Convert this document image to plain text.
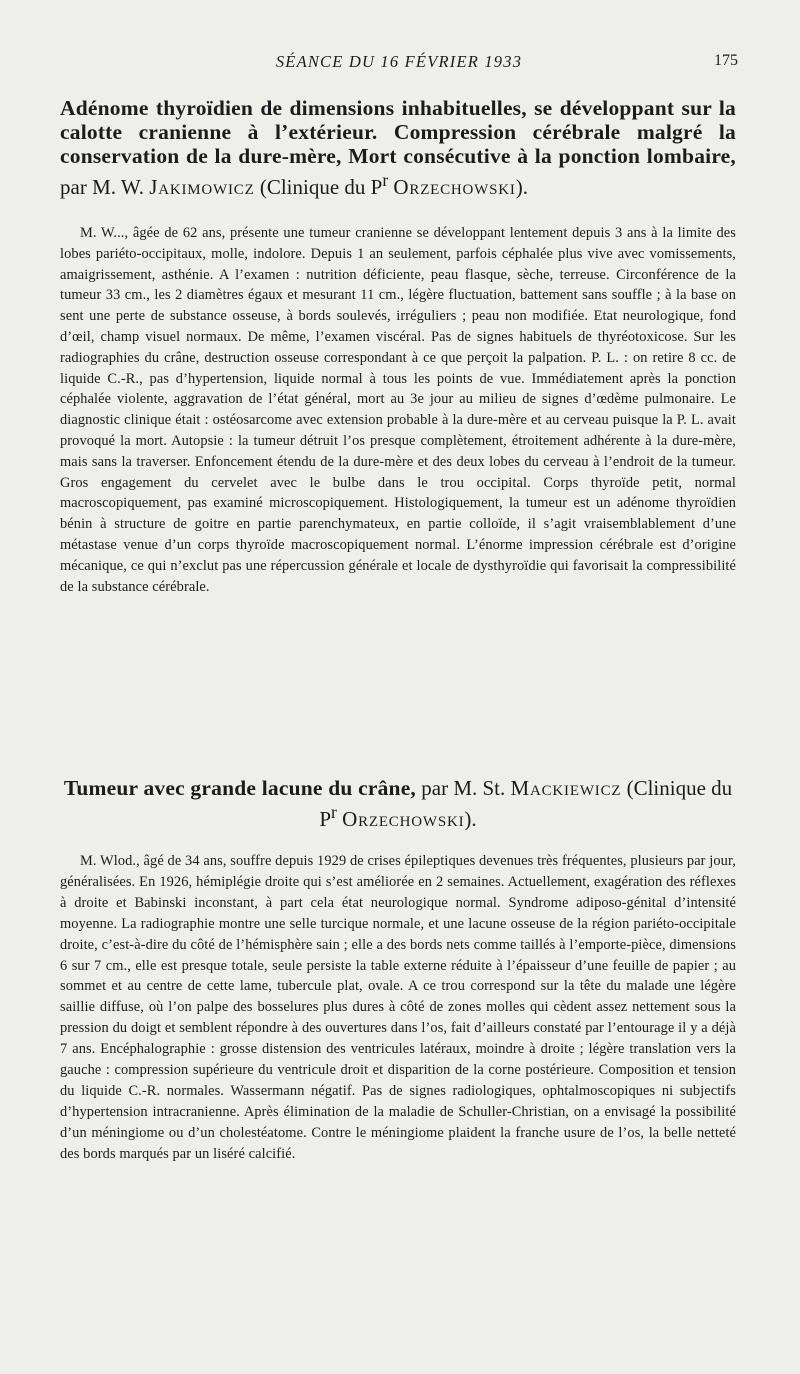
SÉANCE DU 16 FÉVRIER 1933	175

Adénome thyroïdien de dimensions inhabituelles, se développant sur la calotte cranienne à l’extérieur. Compression cérébrale malgré la conservation de la dure-mère, Mort consécutive à la ponction lombaire, par M. W. Jakimowicz (Clinique du $P^r$ Orzechowski).

M. W..., âgée de 62 ans, présente une tumeur cranienne se développant lentement depuis 3 ans à la limite des lobes pariéto-occipitaux, molle, indolore. Depuis 1 an seulement, parfois céphalée plus vive avec vomissements, amaigrissement, asthénie. A l’examen : nutrition déficiente, peau flasque, sèche, terreuse. Circonférence de la tumeur 33 cm., les 2 diamètres égaux et mesurant 11 cm., légère fluctuation, battement sans souffle ; à la base on sent une perte de substance osseuse, à bords soulevés, irréguliers ; peau non modifiée. Etat neurologique, fond d’œil, champ visuel normaux. De même, l’examen viscéral. Pas de signes habituels de thyréotoxicose. Sur les radiographies du crâne, destruction osseuse correspondant à ce que perçoit la palpation. P. L. : on retire 8 cc. de liquide C.-R., pas d’hypertension, liquide normal à tous les points de vue. Immédiatement après la ponction céphalée violente, aggravation de l’état général, mort au 3e jour au milieu de signes d’œdème pulmonaire. Le diagnostic clinique était : ostéosarcome avec extension probable à la dure-mère et au cerveau puisque la P. L. avait provoqué la mort. Autopsie : la tumeur détruit l’os presque complètement, étroitement adhérente à la dure-mère, mais sans la traverser. Enfoncement étendu de la dure-mère et des deux lobes du cerveau à l’endroit de la tumeur. Gros engagement du cervelet avec le bulbe dans le trou occipital. Corps thyroïde petit, normal macroscopiquement, pas examiné microscopiquement. Histologiquement, la tumeur est un adénome thyroïdien bénin à structure de goitre en partie parenchymateux, en partie colloïde, il s’agit vraisemblablement d’une métastase venue d’un corps thyroïde macroscopiquement normal. L’énorme impression cérébrale est d’origine mécanique, ce qui n’exclut pas une répercussion générale et locale de dysthyroïdie qui favorisait la compressibilité de la substance cérébrale.

Tumeur avec grande lacune du crâne, par M. St. Mackiewicz (Clinique du $P^r$ Orzechowski).

M. Wlod., âgé de 34 ans, souffre depuis 1929 de crises épileptiques devenues très fréquentes, plusieurs par jour, généralisées. En 1926, hémiplégie droite qui s’est améliorée en 2 semaines. Actuellement, exagération des réflexes à droite et Babinski inconstant, à part cela état neurologique normal. Syndrome adiposo-génital d’intensité moyenne. La radiographie montre une selle turcique normale, et une lacune osseuse de la région pariéto-occipitale droite, c’est-à-dire du côté de l’hémisphère sain ; elle a des bords nets comme taillés à l’emporte-pièce, dimensions 6 sur 7 cm., elle est presque totale, seule persiste la table externe réduite à l’épaisseur d’une feuille de papier ; au sommet et au centre de cette lame, tubercule plat, ovale. A ce trou correspond sur la tête du malade une légère saillie diffuse, où l’on palpe des bosselures plus dures à côté de zones molles qui cèdent assez nettement sous la pression du doigt et semblent répondre à des ouvertures dans l’os, fait d’ailleurs constaté par l’entourage il y a déjà 7 ans. Encéphalographie : grosse distension des ventricules latéraux, moindre à droite ; légère translation vers la gauche : compression supérieure du ventricule droit et disparition de la corne postérieure. Composition et tension du liquide C.-R. normales. Wassermann négatif. Pas de signes radiologiques, ophtalmoscopiques ni subjectifs d’hypertension intracranienne. Après élimination de la maladie de Schuller-Christian, on a envisagé la possibilité d’un méningiome ou d’un cholestéatome. Contre le méningiome plaident la franche usure de l’os, la belle netteté des bords marqués par un liséré calcifié.
